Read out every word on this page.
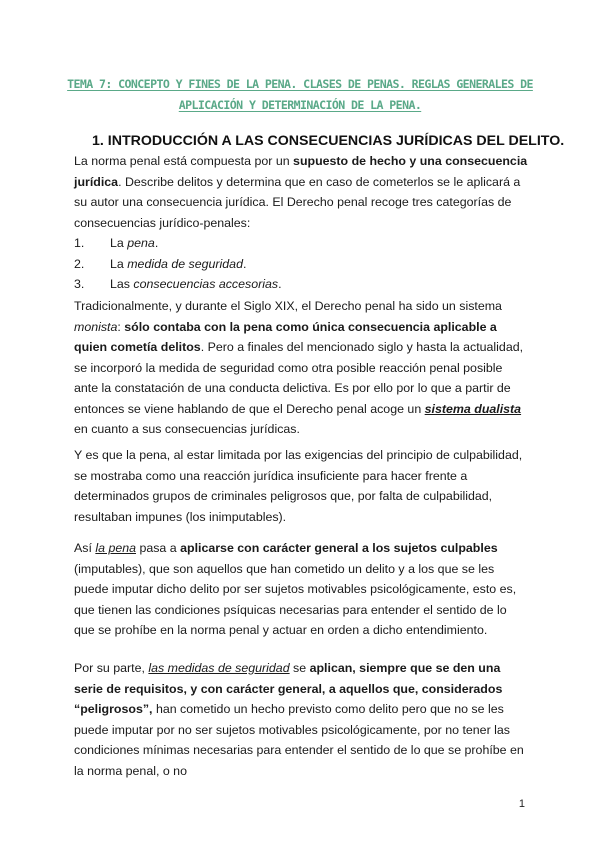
TEMA 7: CONCEPTO Y FINES DE LA PENA. CLASES DE PENAS. REGLAS GENERALES DE
APLICACIÓN Y DETERMINACIÓN DE LA PENA.
1. INTRODUCCIÓN A LAS CONSECUENCIAS JURÍDICAS DEL DELITO.

La norma penal está compuesta por un supuesto de hecho y una consecuencia jurídica. Describe delitos y determina que en caso de cometerlos se le aplicará a su autor una consecuencia jurídica. El Derecho penal recoge tres categorías de consecuencias jurídico-penales:

1. La pena.
2. La medida de seguridad.
3. Las consecuencias accesorias.

Tradicionalmente, y durante el Siglo XIX, el Derecho penal ha sido un sistema monista: sólo contaba con la pena como única consecuencia aplicable a quien cometía delitos. Pero a finales del mencionado siglo y hasta la actualidad, se incorporó la medida de seguridad como otra posible reacción penal posible ante la constatación de una conducta delictiva. Es por ello por lo que a partir de entonces se viene hablando de que el Derecho penal acoge un sistema dualista en cuanto a sus consecuencias jurídicas.

Y es que la pena, al estar limitada por las exigencias del principio de culpabilidad, se mostraba como una reacción jurídica insuficiente para hacer frente a determinados grupos de criminales peligrosos que, por falta de culpabilidad, resultaban impunes (los inimputables).

Así la pena pasa a aplicarse con carácter general a los sujetos culpables (imputables), que son aquellos que han cometido un delito y a los que se les puede imputar dicho delito por ser sujetos motivables psicológicamente, esto es, que tienen las condiciones psíquicas necesarias para entender el sentido de lo que se prohíbe en la norma penal y actuar en orden a dicho entendimiento.

Por su parte, las medidas de seguridad se aplican, siempre que se den una serie de requisitos, y con carácter general, a aquellos que, considerados “peligrosos”, han cometido un hecho previsto como delito pero que no se les puede imputar por no ser sujetos motivables psicológicamente, por no tener las condiciones mínimas necesarias para entender el sentido de lo que se prohíbe en la norma penal, o no

1
